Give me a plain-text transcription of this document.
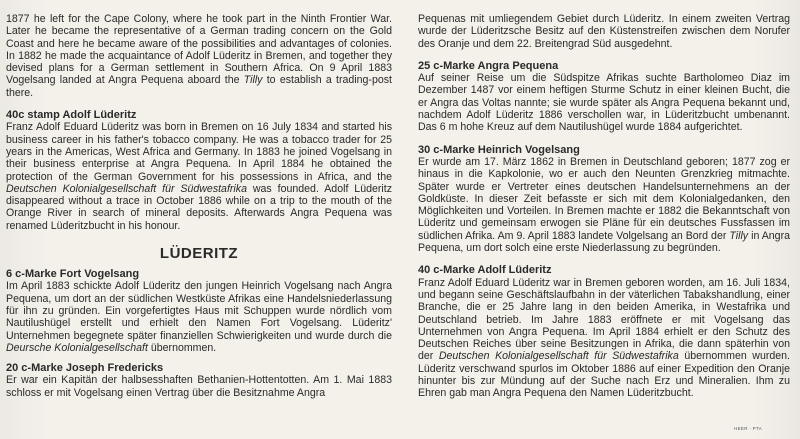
1877 he left for the Cape Colony, where he took part in the Ninth Frontier War. Later he became the representative of a German trading concern on the Gold Coast and here he became aware of the possibilities and advantages of colonies. In 1882 he made the acquaintance of Adolf Lüderitz in Bremen, and together they devised plans for a German settlement in Southern Africa. On 9 April 1883 Vogelsang landed at Angra Pequena aboard the Tilly to establish a trading-post there.

40c stamp Adolf Lüderitz

Franz Adolf Eduard Lüderitz was born in Bremen on 16 July 1834 and started his business career in his father's tobacco company. He was a tobacco trader for 25 years in the Americas, West Africa and Germany. In 1883 he joined Vogelsang in their business enterprise at Angra Pequena. In April 1884 he obtained the protection of the German Government for his possessions in Africa, and the Deutschen Kolonialgesellschaft für Südwestafrika was founded. Adolf Lüderitz disappeared without a trace in October 1886 while on a trip to the mouth of the Orange River in search of mineral deposits. Afterwards Angra Pequena was renamed Lüderitzbucht in his honour.

LÜDERITZ

6 c-Marke Fort Vogelsang

Im April 1883 schickte Adolf Lüderitz den jungen Heinrich Vogelsang nach Angra Pequena, um dort an der südlichen Westküste Afrikas eine Handelsniederlassung für ihn zu gründen. Ein vorgefertigtes Haus mit Schuppen wurde nördlich vom Nautilushügel erstellt und erhielt den Namen Fort Vogelsang. Lüderitz' Unternehmen begegnete später finanziellen Schwierigkeiten und wurde durch die Deursche Kolonialgesellschaft übernommen.

20 c-Marke Joseph Fredericks

Er war ein Kapitän der halbsesshaften Bethanien-Hottentotten. Am 1. Mai 1883 schloss er mit Vogelsang einen Vertrag über die Besitznahme Angra

Pequenas mit umliegendem Gebiet durch Lüderitz. In einem zweiten Vertrag wurde der Lüderitzsche Besitz auf den Küstenstreifen zwischen dem Norufer des Oranje und dem 22. Breitengrad Süd ausgedehnt.

25 c-Marke Angra Pequena

Auf seiner Reise um die Südspitze Afrikas suchte Bartholomeo Diaz im Dezember 1487 vor einem heftigen Sturme Schutz in einer kleinen Bucht, die er Angra das Voltas nannte; sie wurde später als Angra Pequena bekannt und, nachdem Adolf Lüderitz 1886 verschollen war, in Lüderitzbucht umbenannt. Das 6 m hohe Kreuz auf dem Nautilushügel wurde 1884 aufgerichtet.

30 c-Marke Heinrich Vogelsang

Er wurde am 17. März 1862 in Bremen in Deutschland geboren; 1877 zog er hinaus in die Kapkolonie, wo er auch den Neunten Grenzkrieg mitmachte. Später wurde er Vertreter eines deutschen Handelsunternehmens an der Goldküste. In dieser Zeit befasste er sich mit dem Kolonialgedanken, den Möglichkeiten und Vorteilen. In Bremen machte er 1882 die Bekanntschaft von Lüderitz und gemeinsam erwogen sie Pläne für ein deutsches Fussfassen im südlichen Afrika. Am 9. April 1883 landete Volgelsang an Bord der Tilly in Angra Pequena, um dort solch eine erste Niederlassung zu begründen.

40 c-Marke Adolf Lüderitz

Franz Adolf Eduard Lüderitz war in Bremen geboren worden, am 16. Juli 1834, und begann seine Geschäftslaufbahn in der väterlichen Tabakshandlung, einer Branche, die er 25 Jahre lang in den beiden Amerika, in Westafrika und Deutschland betrieb. Im Jahre 1883 eröffnete er mit Vogelsang das Unternehmen von Angra Pequena. Im April 1884 erhielt er den Schutz des Deutschen Reiches über seine Besitzungen in Afrika, die dann späterhin von der Deutschen Kolonialgesellschaft für Südwestafrika übernommen wurden. Lüderitz verschwand spurlos im Oktober 1886 auf einer Expedition den Oranje hinunter bis zur Mündung auf der Suche nach Erz und Mineralien. Ihm zu Ehren gab man Angra Pequena den Namen Lüderitzbucht.

HEER · PTA
